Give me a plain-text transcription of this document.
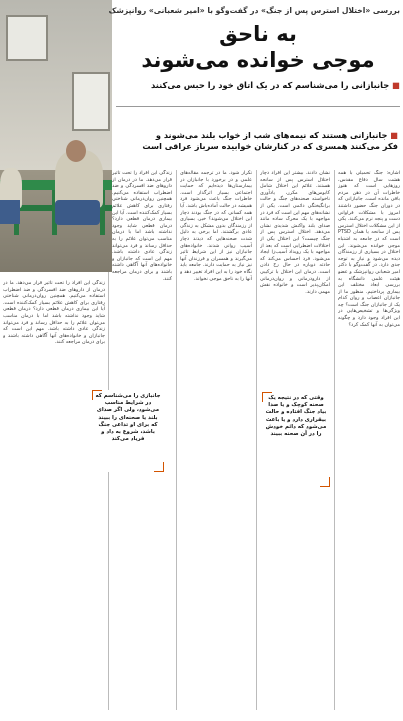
بررسی «اختلال استرس پس از جنگ» در گفت‌وگو با «امیر شعبانی» روانپزشک
به ناحق
موجی خوانده می‌شوند
■ جانبازانی را می‌شناسم که در یک اتاق خود را حبس می‌کنند
■ جانبازانی هستند که نیمه‌های شب از خواب بلند می‌شوند و فکر می‌کنند همسری که در کنارشان خوابیده سرباز عراقی است
اشاره: جنگ تحمیلی با همه هشت سال دفاع مقدس، روزهایی است که هنوز خاطرات آن در ذهن مردم باقی مانده است. جانبازانی که در دوران جنگ حضور داشتند امروز با مشکلات فراوانی دست و پنجه نرم می‌کنند. یکی از این مشکلات اختلال استرس پس از سانحه یا همان PTSD است که در جامعه به اشتباه موجی خوانده می‌شوند. این اختلال در بسیاری از رزمندگان دیده می‌شود و نیاز به توجه جدی دارد. در گفت‌وگو با دکتر امیر شعبانی روانپزشک و عضو هیئت علمی دانشگاه به بررسی ابعاد مختلف این بیماری پرداختیم. منظور ما از جانبازان اعصاب و روان کدام یک از جانبازان جنگ است؟ چه ویژگی‌ها و تشخیص‌هایی در این افراد وجود دارد و چگونه می‌توان به آنها کمک کرد؟
نشان دادند. بیشتر این افراد دچار اختلال استرس پس از سانحه هستند. علائم این اختلال شامل کابوس‌های مکرر، یادآوری ناخواسته صحنه‌های جنگ و حالت برانگیختگی دائمی است. یکی از نشانه‌های مهم این است که فرد در مواجهه با یک محرک ساده مانند صدای بلند واکنش شدیدی نشان می‌دهد. اختلال استرس پس از جنگ چیست؟ این اختلال یکی از اختلالات اضطرابی است که بعد از مواجهه با یک رویداد آسیب‌زا ایجاد می‌شود. فرد احساس می‌کند که حادثه دوباره در حال رخ دادن است. درمان این اختلال با ترکیبی از دارودرمانی و روان‌درمانی امکان‌پذیر است و خانواده نقش مهمی دارند.
تکرار شود. ما در ترجمه مقاله‌های علمی و در برخورد با جانبازان در بیمارستان‌ها دیده‌ایم که حمایت اجتماعی بسیار اثرگذار است. خاطرات جنگ باعث می‌شود فرد همیشه در حالت آماده‌باش باشد. آیا همه کسانی که در جنگ بودند دچار این اختلال می‌شوند؟ خیر، بسیاری از رزمندگان بدون مشکل به زندگی عادی برگشتند. اما برخی به دلیل شدت صحنه‌هایی که دیدند دچار آسیب روانی شدند. خانواده‌های جانبازان نیز از این شرایط تاثیر می‌گیرند و همسران و فرزندان آنها نیز نیاز به حمایت دارند. جامعه باید نگاه خود را به این افراد تغییر دهد و آنها را به ناحق موجی نخواند.
زندگی این افراد را تحت تاثیر قرار می‌دهد. ما در درمان از داروهای ضد افسردگی و ضد اضطراب استفاده می‌کنیم. همچنین روان‌درمانی شناختی رفتاری برای کاهش علائم بسیار کمک‌کننده است. آیا این بیماری درمان قطعی دارد؟ درمان قطعی شاید وجود نداشته باشد اما با درمان مناسب می‌توان علائم را به حداقل رساند و فرد می‌تواند زندگی عادی داشته باشد. مهم این است که جانبازان و خانواده‌های آنها آگاهی داشته باشند و برای درمان مراجعه کنند.
زندگی این افراد را تحت تاثیر قرار می‌دهد. ما در درمان از داروهای ضد افسردگی و ضد اضطراب استفاده می‌کنیم. همچنین روان‌درمانی شناختی رفتاری برای کاهش علائم بسیار کمک‌کننده است. آیا این بیماری درمان قطعی دارد؟ درمان قطعی شاید وجود نداشته باشد اما با درمان مناسب می‌توان علائم را به حداقل رساند و فرد می‌تواند زندگی عادی داشته باشد. مهم این است که جانبازان و خانواده‌های آنها آگاهی داشته باشند و برای درمان مراجعه کنند.
وقتی که در نتیجه یک صحنه کوچک و یا صدا بیاد جنگ افتاده و حالت بیقراری دارد و یا باعث می‌شود که دائم خودش را در آن صحنه ببیند
جانبازی را می‌شناسم که در شرایط مناسب می‌شود، ولی اگر صدای بلند یا صحنه‌ای را ببیند که برای او تداعی جنگ باشد، شروع به داد و فریاد می‌کند
